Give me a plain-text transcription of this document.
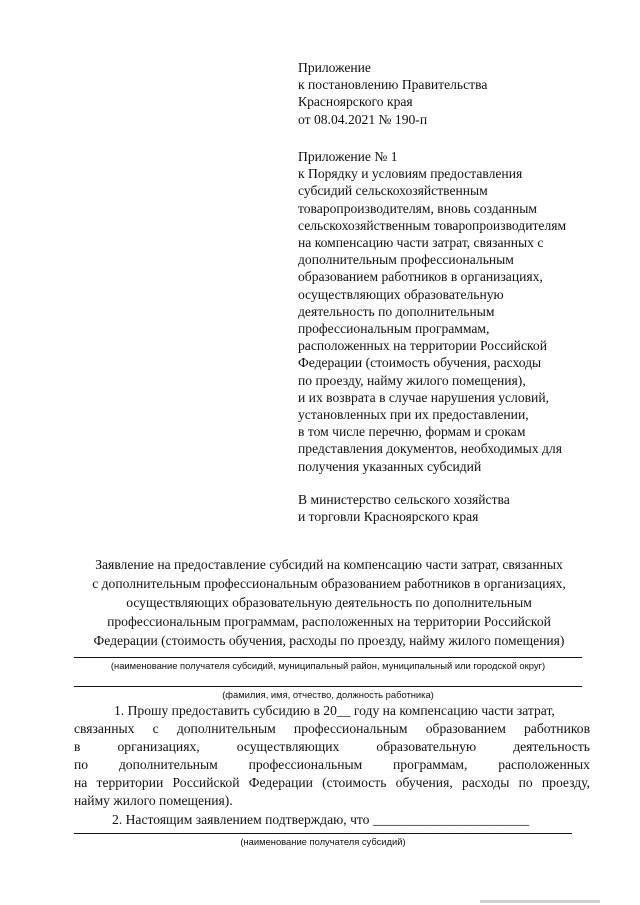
Приложение
к постановлению Правительства
Красноярского края
от 08.04.2021 № 190-п
Приложение № 1
к Порядку и условиям предоставления
субсидий сельскохозяйственным
товаропроизводителям, вновь созданным
сельскохозяйственным товаропроизводителям
на компенсацию части затрат, связанных с
дополнительным профессиональным
образованием работников в организациях,
осуществляющих образовательную
деятельность по дополнительным
профессиональным программам,
расположенных на территории Российской
Федерации (стоимость обучения, расходы
по проезду, найму жилого помещения),
и их возврата в случае нарушения условий,
установленных при их предоставлении,
в том числе перечню, формам и срокам
представления документов, необходимых для
получения указанных субсидий
В министерство сельского хозяйства
и торговли Красноярского края
Заявление на предоставление субсидий на компенсацию части затрат, связанных
с дополнительным профессиональным образованием работников в организациях,
осуществляющих образовательную деятельность по дополнительным
профессиональным программам, расположенных на территории Российской
Федерации (стоимость обучения, расходы по проезду, найму жилого помещения)
(наименование получателя субсидий, муниципальный район, муниципальный или городской округ)
(фамилия, имя, отчество, должность работника)
1. Прошу предоставить субсидию в 20__ году на компенсацию части затрат,
связанных с дополнительным профессиональным образованием работников
в	организациях,	осуществляющих	образовательную	деятельность
по дополнительным профессиональным программам, расположенных
на территории Российской Федерации (стоимость обучения, расходы по проезду,
найму жилого помещения).
2. Настоящим заявлением подтверждаю, что _______________________
(наименование получателя субсидий)
